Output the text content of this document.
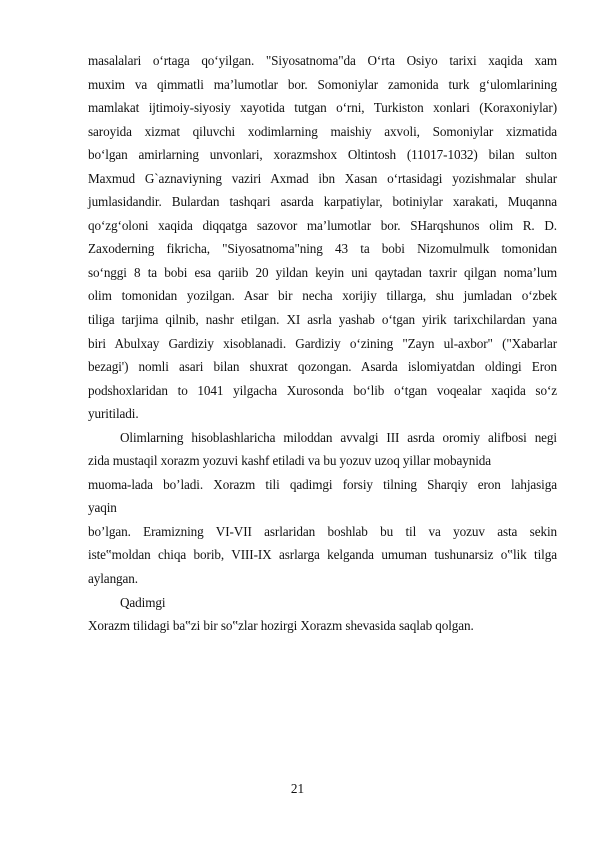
masalalari o‘rtaga qo‘yilgan. "Siyosatnoma"da O‘rta Osiyo tarixi xaqida xam
muxim va qimmatli ma’lumotlar bor. Somoniylar zamonida turk g‘ulomlarining
mamlakat ijtimoiy-siyosiy xayotida tutgan o‘rni, Turkiston xonlari (Koraxoniylar)
saroyida xizmat qiluvchi xodimlarning maishiy axvoli, Somoniylar xizmatida
bo‘lgan amirlarning unvonlari, xorazmshox Oltintosh (11017-1032) bilan sulton
Maxmud G`aznaviyning vaziri Axmad ibn Xasan o‘rtasidagi yozishmalar shular
jumlasidandir. Bulardan tashqari asarda karpatiylar, botiniylar xarakati, Muqanna
qo‘zg‘oloni xaqida diqqatga sazovor ma’lumotlar bor. SHarqshunos olim R. D.
Zaxoderning fikricha, "Siyosatnoma"ning 43 ta bobi Nizomulmulk tomonidan
so‘nggi 8 ta bobi esa qariib 20 yildan keyin uni qaytadan taxrir qilgan noma’lum
olim tomonidan yozilgan. Asar bir necha xorijiy tillarga, shu jumladan o‘zbek
tiliga tarjima qilnib, nashr etilgan. XI asrla yashab o‘tgan yirik tarixchilardan yana
biri Abulxay Gardiziy xisoblanadi. Gardiziy o‘zining "Zayn ul-axbor" ("Xabarlar
bezagi') nomli asari bilan shuxrat qozongan. Asarda islomiyatdan oldingi Eron
podshoxlaridan to 1041 yilgacha Xurosonda bo‘lib o‘tgan voqealar xaqida so‘z
yuritiladi.
Olimlarning hisoblashlaricha miloddan avvalgi III asrda oromiy alifbosi negi
zida mustaqil xorazm yozuvi kashf etiladi va bu yozuv uzoq yillar mobaynida
muoma-lada bo’ladi. Xorazm tili qadimgi forsiy tilning Sharqiy eron lahjasiga
yaqin
bo’lgan. Eramizning VI-VII asrlaridan boshlab bu til va yozuv asta sekin
iste‟moldan chiqa borib, VIII-IX asrlarga kelganda umuman tushunarsiz o‟lik tilga
aylangan.
Qadimgi
Xorazm tilidagi ba‟zi bir so‟zlar hozirgi Xorazm shevasida saqlab qolgan.
21
